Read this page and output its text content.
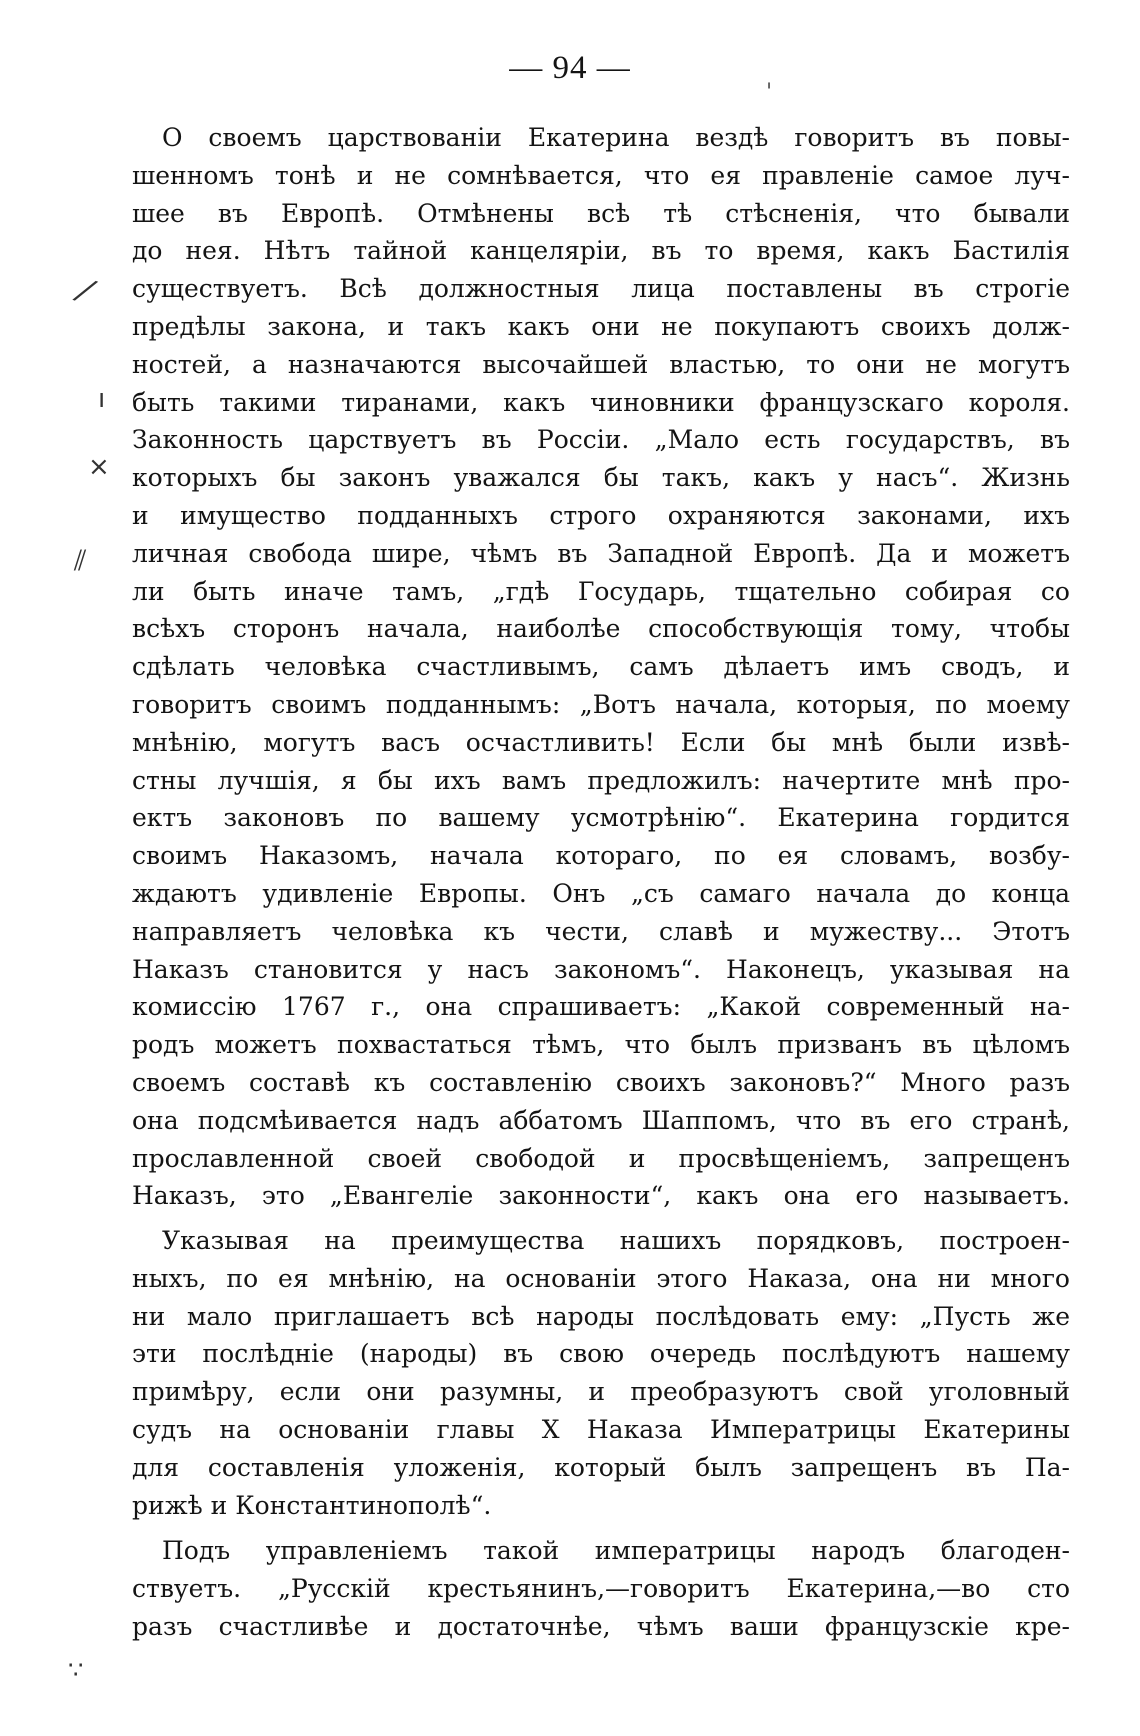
— 94 —	ˌ
⁄
ı
×
⫽
∵
О своемъ царствованіи Екатерина вездѣ говоритъ въ повы-
шенномъ тонѣ и не сомнѣвается, что ея правленіе самое луч-
шее въ Европѣ. Отмѣнены всѣ тѣ стѣсненія, что бывали
до нея. Нѣтъ тайной канцеляріи, въ то время, какъ Бастилія
существуетъ. Всѣ должностныя лица поставлены въ строгіе
предѣлы закона, и такъ какъ они не покупаютъ своихъ долж-
ностей, а назначаются высочайшей властью, то они не могутъ
быть такими тиранами, какъ чиновники французскаго короля.
Законность царствуетъ въ Россіи. „Мало есть государствъ, въ
которыхъ бы законъ уважался бы такъ, какъ у насъ“. Жизнь
и имущество подданныхъ строго охраняются законами, ихъ
личная свобода шире, чѣмъ въ Западной Европѣ. Да и можетъ
ли быть иначе тамъ, „гдѣ Государь, тщательно собирая со
всѣхъ сторонъ начала, наиболѣе способствующія тому, чтобы
сдѣлать человѣка счастливымъ, самъ дѣлаетъ имъ сводъ, и
говоритъ своимъ подданнымъ: „Вотъ начала, которыя, по моему
мнѣнію, могутъ васъ осчастливить! Если бы мнѣ были извѣ-
стны лучшія, я бы ихъ вамъ предложилъ: начертите мнѣ про-
ектъ законовъ по вашему усмотрѣнію“. Екатерина гордится
своимъ Наказомъ, начала котораго, по ея словамъ, возбу-
ждаютъ удивленіе Европы. Онъ „съ самаго начала до конца
направляетъ человѣка къ чести, славѣ и мужеству... Этотъ
Наказъ становится у насъ закономъ“. Наконецъ, указывая на
комиссію 1767 г., она спрашиваетъ: „Какой современный на-
родъ можетъ похвастаться тѣмъ, что былъ призванъ въ цѣломъ
своемъ составѣ къ составленію своихъ законовъ?“ Много разъ
она подсмѣивается надъ аббатомъ Шаппомъ, что въ его странѣ,
прославленной своей свободой и просвѣщеніемъ, запрещенъ
Наказъ, это „Евангеліе законности“, какъ она его называетъ.
Указывая на преимущества нашихъ порядковъ, построен-
ныхъ, по ея мнѣнію, на основаніи этого Наказа, она ни много
ни мало приглашаетъ всѣ народы послѣдовать ему: „Пусть же
эти послѣдніе (народы) въ свою очередь послѣдуютъ нашему
примѣру, если они разумны, и преобразуютъ свой уголовный
судъ на основаніи главы X Наказа Императрицы Екатерины
для составленія уложенія, который былъ запрещенъ въ Па-
рижѣ и Константинополѣ“.
Подъ управленіемъ такой императрицы народъ благоден-
ствуетъ. „Русскій крестьянинъ,—говоритъ Екатерина,—во сто
разъ счастливѣе и достаточнѣе, чѣмъ ваши французскіе кре-
